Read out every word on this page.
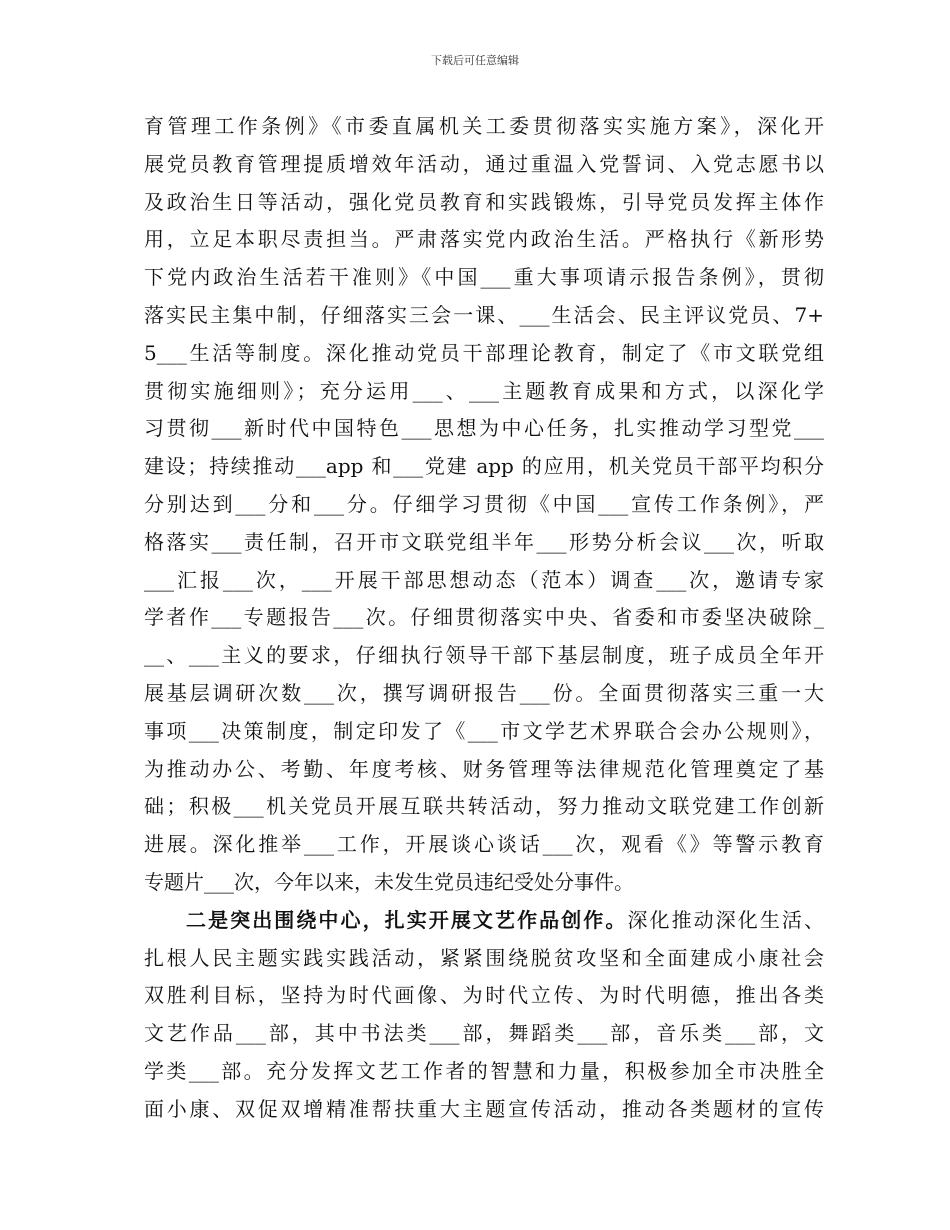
下载后可任意编辑
育管理工作条例》《市委直属机关工委贯彻落实实施方案》，深化开
展党员教育管理提质增效年活动，通过重温入党誓词、入党志愿书以
及政治生日等活动，强化党员教育和实践锻炼，引导党员发挥主体作
用，立足本职尽责担当。严肃落实党内政治生活。严格执行《新形势
下党内政治生活若干准则》《中国___重大事项请示报告条例》，贯彻
落实民主集中制，仔细落实三会一课、___生活会、民主评议党员、7+
5___生活等制度。深化推动党员干部理论教育，制定了《市文联党组
贯彻实施细则》；充分运用___、___主题教育成果和方式，以深化学
习贯彻___新时代中国特色___思想为中心任务，扎实推动学习型党___
建设；持续推动___app 和___党建 app 的应用，机关党员干部平均积分
分别达到___分和___分。仔细学习贯彻《中国___宣传工作条例》，严
格落实___责任制，召开市文联党组半年___形势分析会议___次，听取
___汇报___次，___开展干部思想动态（范本）调查___次，邀请专家
学者作___专题报告___次。仔细贯彻落实中央、省委和市委坚决破除_
__、___主义的要求，仔细执行领导干部下基层制度，班子成员全年开
展基层调研次数___次，撰写调研报告___份。全面贯彻落实三重一大
事项___决策制度，制定印发了《___市文学艺术界联合会办公规则》，
为推动办公、考勤、年度考核、财务管理等法律规范化管理奠定了基
础；积极___机关党员开展互联共转活动，努力推动文联党建工作创新
进展。深化推举___工作，开展谈心谈话___次，观看《》等警示教育
专题片___次，今年以来，未发生党员违纪受处分事件。
二是突出围绕中心，扎实开展文艺作品创作。深化推动深化生活、
扎根人民主题实践实践活动，紧紧围绕脱贫攻坚和全面建成小康社会
双胜利目标，坚持为时代画像、为时代立传、为时代明德，推出各类
文艺作品___部，其中书法类___部，舞蹈类___部，音乐类___部，文
学类___部。充分发挥文艺工作者的智慧和力量，积极参加全市决胜全
面小康、双促双增精准帮扶重大主题宣传活动，推动各类题材的宣传
